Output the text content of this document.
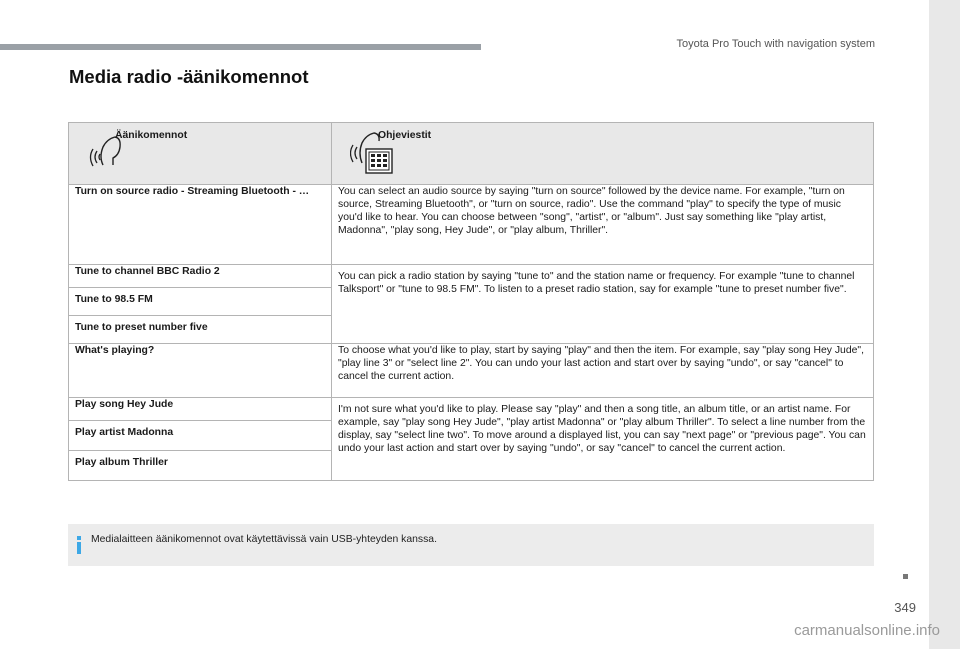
Toyota Pro Touch with navigation system
Media radio -äänikomennot
Äänikomennot	Ohjeviestit

Turn on source radio - Streaming Bluetooth - …	You can select an audio source by saying "turn on source" followed by the device name. For example, "turn on source, Streaming Bluetooth", or "turn on source, radio". Use the command "play" to specify the type of music you'd like to hear. You can choose between "song", "artist", or "album". Just say something like "play artist, Madonna", "play song, Hey Jude", or "play album, Thriller".
Tune to channel BBC Radio 2	You can pick a radio station by saying "tune to" and the station name or frequency. For example "tune to channel Talksport" or "tune to 98.5 FM". To listen to a preset radio station, say for example "tune to preset number five".
Tune to 98.5 FM	
Tune to preset number five	
What's playing?	To choose what you'd like to play, start by saying "play" and then the item. For example, say "play song Hey Jude", "play line 3" or "select line 2". You can undo your last action and start over by saying "undo", or say "cancel" to cancel the current action.
Play song Hey Jude	I'm not sure what you'd like to play. Please say "play" and then a song title, an album title, or an artist name. For example, say "play song Hey Jude", "play artist Madonna" or "play album Thriller". To select a line number from the display, say "select line two". To move around a displayed list, you can say "next page" or "previous page". You can undo your last action and start over by saying "undo", or say "cancel" to cancel the current action.
Play artist Madonna	
Play album Thriller	
Medialaitteen äänikomennot ovat käytettävissä vain USB-yhteyden kanssa.
349
carmanualsonline.info
